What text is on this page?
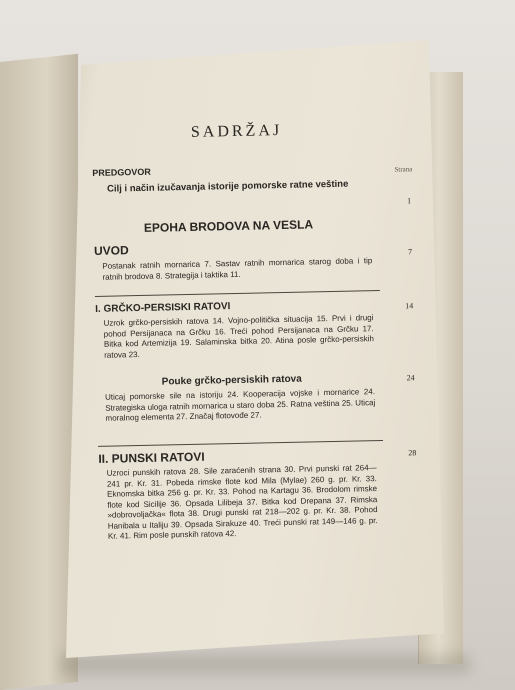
SADRŽAJ
Strana
PREDGOVOR
Cilj i način izučavanja istorije pomorske ratne veštine
1
EPOHA BRODOVA NA VESLA
UVOD	7
Postanak ratnih mornarica 7. Sastav ratnih mornarica starog doba i tip ratnih brodova 8. Strategija i taktika 11.
I. GRČKO-PERSISKI RATOVI	14
Uzrok grčko-persiskih ratova 14. Vojno-politička situacija 15. Prvi i drugi pohod Persijanaca na Grčku 16. Treći pohod Persijanaca na Grčku 17. Bitka kod Artemizija 19. Salaminska bitka 20. Atina posle grčko-persiskih ratova 23.
Pouke grčko-persiskih ratova	24
Uticaj pomorske sile na istoriju 24. Kooperacija vojske i mornarice 24. Strategiska uloga ratnih mornarica u staro doba 25. Ratna veština 25. Uticaj moralnog elementa 27. Značaj flotovođe 27.
II. PUNSKI RATOVI	28
Uzroci punskih ratova 28. Sile zaraćenih strana 30. Prvi punski rat 264—241 pr. Kr. 31. Pobeda rimske flote kod Mila (Mylae) 260 g. pr. Kr. 33. Eknomska bitka 256 g. pr. Kr. 33. Pohod na Kartagu 36. Brodolom rimske flote kod Sicilije 36. Opsada Lilibeja 37. Bitka kod Drepana 37. Rimska »dobrovoljačka« flota 38. Drugi punski rat 218—202 g. pr. Kr. 38. Pohod Hanibala u Italiju 39. Opsada Sirakuze 40. Treći punski rat 149—146 g. pr. Kr. 41. Rim posle punskih ratova 42.
